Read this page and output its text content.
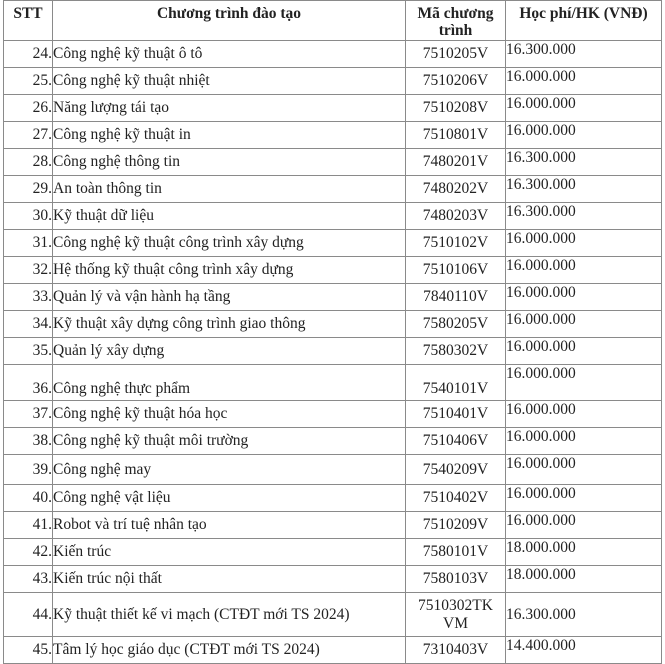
STT	Chương trình đào tạo	Mã chương trình	Học phí/HK (VNĐ)
24.	Công nghệ kỹ thuật ô tô	7510205V	16.300.000
25.	Công nghệ kỹ thuật nhiệt	7510206V	16.000.000
26.	Năng lượng tái tạo	7510208V	16.000.000
27.	Công nghệ kỹ thuật in	7510801V	16.000.000
28.	Công nghệ thông tin	7480201V	16.300.000
29.	An toàn thông tin	7480202V	16.300.000
30.	Kỹ thuật dữ liệu	7480203V	16.300.000
31.	Công nghệ kỹ thuật công trình xây dựng	7510102V	16.000.000
32.	Hệ thống kỹ thuật công trình xây dựng	7510106V	16.000.000
33.	Quản lý và vận hành hạ tầng	7840110V	16.000.000
34.	Kỹ thuật xây dựng công trình giao thông	7580205V	16.000.000
35.	Quản lý xây dựng	7580302V	16.000.000
36.	Công nghệ thực phẩm	7540101V	16.000.000
37.	Công nghệ kỹ thuật hóa học	7510401V	16.000.000
38.	Công nghệ kỹ thuật môi trường	7510406V	16.000.000
39.	Công nghệ may	7540209V	16.000.000
40.	Công nghệ vật liệu	7510402V	16.000.000
41.	Robot và trí tuệ nhân tạo	7510209V	16.000.000
42.	Kiến trúc	7580101V	18.000.000
43.	Kiến trúc nội thất	7580103V	18.000.000
44.	Kỹ thuật thiết kế vi mạch (CTĐT mới TS 2024)	7510302TK VM	16.300.000
45.	Tâm lý học giáo dục (CTĐT mới TS 2024)	7310403V	14.400.000
